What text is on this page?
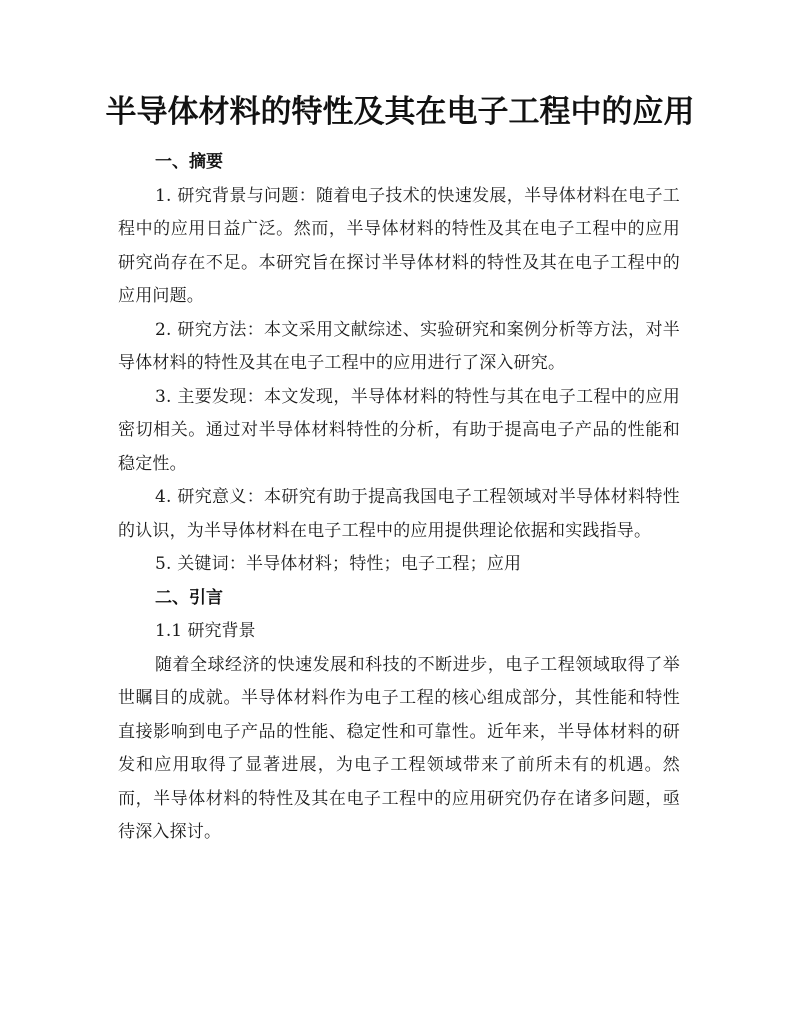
半导体材料的特性及其在电子工程中的应用

一、摘要

1. 研究背景与问题：随着电子技术的快速发展，半导体材料在电子工程中的应用日益广泛。然而，半导体材料的特性及其在电子工程中的应用研究尚存在不足。本研究旨在探讨半导体材料的特性及其在电子工程中的应用问题。

2. 研究方法：本文采用文献综述、实验研究和案例分析等方法，对半导体材料的特性及其在电子工程中的应用进行了深入研究。

3. 主要发现：本文发现，半导体材料的特性与其在电子工程中的应用密切相关。通过对半导体材料特性的分析，有助于提高电子产品的性能和稳定性。

4. 研究意义：本研究有助于提高我国电子工程领域对半导体材料特性的认识，为半导体材料在电子工程中的应用提供理论依据和实践指导。

5. 关键词：半导体材料；特性；电子工程；应用

二、引言

1.1 研究背景

随着全球经济的快速发展和科技的不断进步，电子工程领域取得了举世瞩目的成就。半导体材料作为电子工程的核心组成部分，其性能和特性直接影响到电子产品的性能、稳定性和可靠性。近年来，半导体材料的研发和应用取得了显著进展，为电子工程领域带来了前所未有的机遇。然而，半导体材料的特性及其在电子工程中的应用研究仍存在诸多问题，亟待深入探讨。
